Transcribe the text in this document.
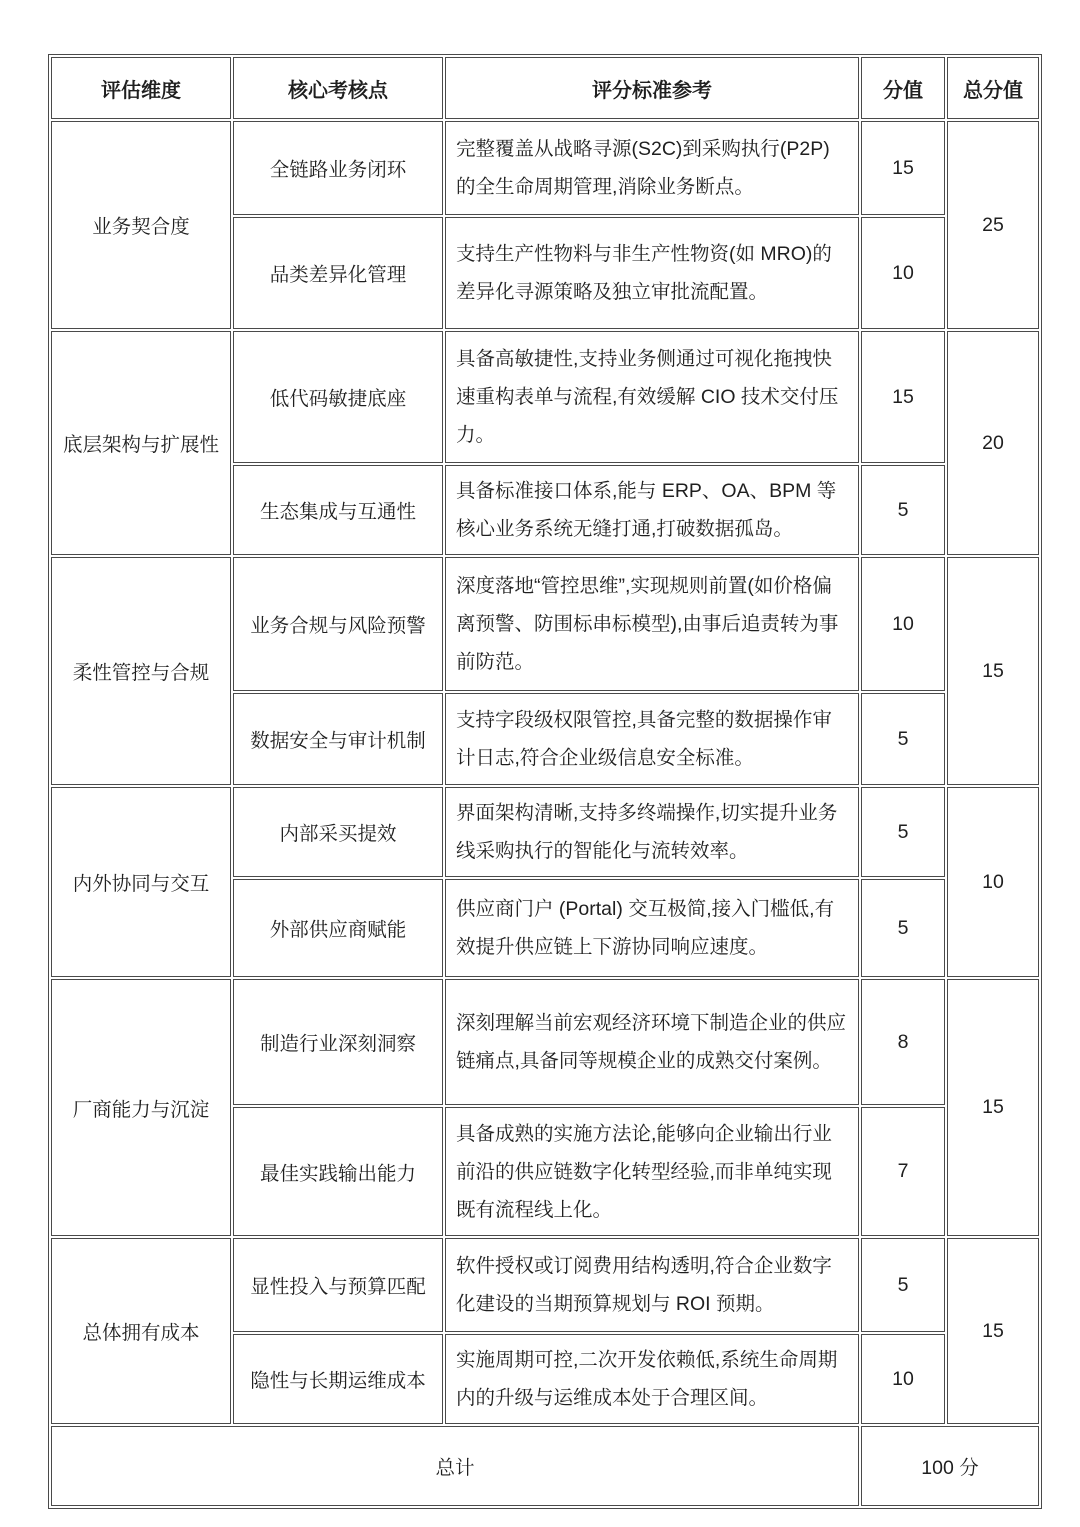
评估维度	核心考核点	评分标准参考	分值	总分值
业务契合度	全链路业务闭环	完整覆盖从战略寻源(S2C)到采购执行(P2P)的全生命周期管理,消除业务断点。	15	25
	品类差异化管理	支持生产性物料与非生产性物资(如 MRO)的差异化寻源策略及独立审批流配置。	10	
底层架构与扩展性	低代码敏捷底座	具备高敏捷性,支持业务侧通过可视化拖拽快速重构表单与流程,有效缓解 CIO 技术交付压力。	15	20
	生态集成与互通性	具备标准接口体系,能与 ERP、OA、BPM 等核心业务系统无缝打通,打破数据孤岛。	5	
柔性管控与合规	业务合规与风险预警	深度落地“管控思维”,实现规则前置(如价格偏离预警、防围标串标模型),由事后追责转为事前防范。	10	15
	数据安全与审计机制	支持字段级权限管控,具备完整的数据操作审计日志,符合企业级信息安全标准。	5	
内外协同与交互	内部采买提效	界面架构清晰,支持多终端操作,切实提升业务线采购执行的智能化与流转效率。	5	10
	外部供应商赋能	供应商门户 (Portal) 交互极简,接入门槛低,有效提升供应链上下游协同响应速度。	5	
厂商能力与沉淀	制造行业深刻洞察	深刻理解当前宏观经济环境下制造企业的供应链痛点,具备同等规模企业的成熟交付案例。	8	15
	最佳实践输出能力	具备成熟的实施方法论,能够向企业输出行业前沿的供应链数字化转型经验,而非单纯实现既有流程线上化。	7	
总体拥有成本	显性投入与预算匹配	软件授权或订阅费用结构透明,符合企业数字化建设的当期预算规划与 ROI 预期。	5	15
	隐性与长期运维成本	实施周期可控,二次开发依赖低,系统生命周期内的升级与运维成本处于合理区间。	10	
总计			100 分	
